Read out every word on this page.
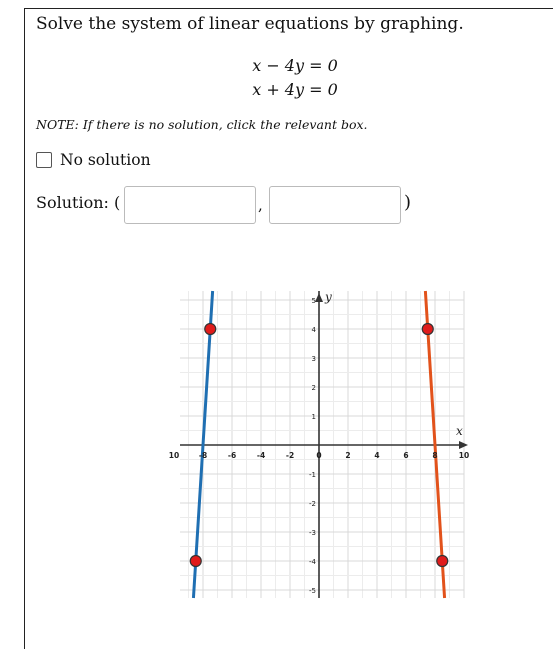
Solve the system of linear equations by graphing.
x − 4y = 0
x + 4y = 0
NOTE: If there is no solution, click the relevant box.
No solution
Solution: (	,	)
10	-8	-6	-4	-2	0	2	4	6	8	10
5
4
3
2
1
-1
-2
-3
-4
-5
x
y
